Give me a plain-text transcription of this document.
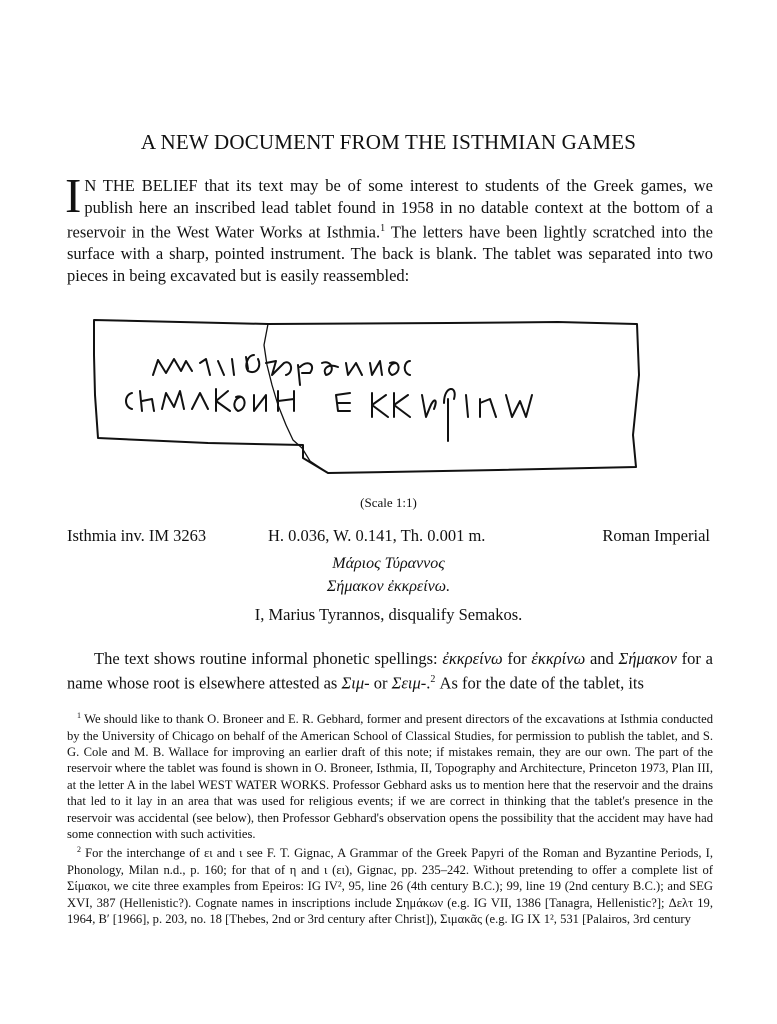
A NEW DOCUMENT FROM THE ISTHMIAN GAMES
I N THE BELIEF that its text may be of some interest to students of the Greek games, we publish here an inscribed lead tablet found in 1958 in no datable context at the bottom of a reservoir in the West Water Works at Isthmia.$^1$ The letters have been lightly scratched into the surface with a sharp, pointed instrument. The back is blank. The tablet was separated into two pieces in being excavated but is easily reassembled:
(Scale 1:1)
Isthmia inv. IM 3263	H. 0.036, W. 0.141, Th. 0.001 m.	Roman Imperial
Μάριος Τύραννος
Σήμακον ἐκκρείνω.
I, Marius Tyrannos, disqualify Semakos.
The text shows routine informal phonetic spellings: ἐκκρείνω for ἐκκρίνω and Σήμακον for a name whose root is elsewhere attested as Σιμ- or Σειμ-.$^2$ As for the date of the tablet, its

$^1$ We should like to thank O. Broneer and E. R. Gebhard, former and present directors of the excavations at Isthmia conducted by the University of Chicago on behalf of the American School of Classical Studies, for permission to publish the tablet, and S. G. Cole and M. B. Wallace for improving an earlier draft of this note; if mistakes remain, they are our own. The part of the reservoir where the tablet was found is shown in O. Broneer, Isthmia, II, Topography and Architecture, Princeton 1973, Plan III, at the letter A in the label WEST WATER WORKS. Professor Gebhard asks us to mention here that the reservoir and the drains that led to it lay in an area that was used for religious events; if we are correct in thinking that the tablet's presence in the reservoir was accidental (see below), then Professor Gebhard's observation opens the possibility that the accident may have had some connection with such activities.

$^2$ For the interchange of ει and ι see F. T. Gignac, A Grammar of the Greek Papyri of the Roman and Byzantine Periods, I, Phonology, Milan n.d., p. 160; for that of η and ι (ει), Gignac, pp. 235–242. Without pretending to offer a complete list of Σίμακοι, we cite three examples from Epeiros: IG IV², 95, line 26 (4th century B.C.); 99, line 19 (2nd century B.C.); and SEG XVI, 387 (Hellenistic?). Cognate names in inscriptions include Σημάκων (e.g. IG VII, 1386 [Tanagra, Hellenistic?]; Δελτ 19, 1964, Bʹ [1966], p. 203, no. 18 [Thebes, 2nd or 3rd century after Christ]), Σιμακᾶς (e.g. IG IX 1², 531 [Palairos, 3rd century
